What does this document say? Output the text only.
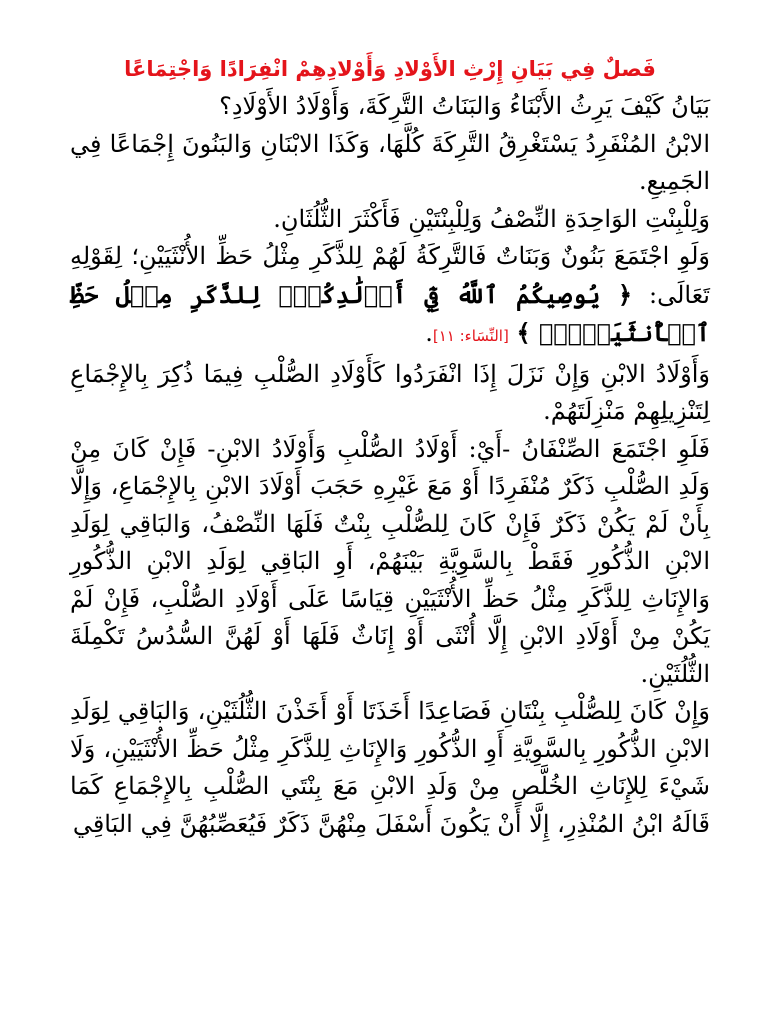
فَصلٌ فِي بَيَانِ إِرْثِ الأَوْلادِ وَأَوْلادِهِمْ انْفِرَادًا وَاجْتِمَاعًا

بَيَانُ كَيْفَ يَرِثُ الأَبْنَاءُ وَالبَنَاتُ التَّرِكَةَ، وَأَوْلَادُ الأَوْلَادِ؟

الابْنُ المُنْفَرِدُ يَسْتَغْرِقُ التَّرِكَةَ كُلَّهَا، وَكَذَا الابْنَانِ وَالبَنُونَ إِجْمَاعًا فِي الجَمِيعِ.

وَلِلْبِنْتِ الوَاحِدَةِ النِّصْفُ وَلِلْبِنْتَيْنِ فَأَكْثَرَ الثُّلُثَانِ.

وَلَوِ اجْتَمَعَ بَنُونٌ وَبَنَاتٌ فَالتَّرِكَةُ لَهُمْ لِلذَّكَرِ مِثْلُ حَظِّ الأُنْثَيَيْنِ؛ لِقَوْلِهِ تَعَالَى: ﴿ يُوصِيكُمُ ٱللَّهُ فِيٓ أَوۡلَٰدِكُمۡۖ لِلذَّكَرِ مِثۡلُ حَظِّ ٱلۡأُنثَيَيۡنِۚ ﴾ [النِّسَاء: ١١].

وَأَوْلَادُ الابْنِ وَإِنْ نَزَلَ إِذَا انْفَرَدُوا كَأَوْلَادِ الصُّلْبِ فِيمَا ذُكِرَ بِالإِجْمَاعِ لِتَنْزِيلِهِمْ مَنْزِلَتَهُمْ.

فَلَوِ اجْتَمَعَ الصِّنْفَانُ -أَيْ: أَوْلَادُ الصُّلْبِ وَأَوْلَادُ الابْنِ- فَإِنْ كَانَ مِنْ وَلَدِ الصُّلْبِ ذَكَرٌ مُنْفَرِدًا أَوْ مَعَ غَيْرِهِ حَجَبَ أَوْلَادَ الابْنِ بِالإِجْمَاعِ، وَإِلَّا بِأَنْ لَمْ يَكُنْ ذَكَرٌ فَإِنْ كَانَ لِلصُّلْبِ بِنْتٌ فَلَهَا النِّصْفُ، وَالبَاقِي لِوَلَدِ الابْنِ الذُّكُورِ فَقَطْ بِالسَّوِيَّةِ بَيْنَهُمْ، أَوِ البَاقِي لِوَلَدِ الابْنِ الذُّكُورِ وَالإِنَاثِ لِلذَّكَرِ مِثْلُ حَظِّ الأُنْثَيَيْنِ قِيَاسًا عَلَى أَوْلَادِ الصُّلْبِ، فَإِنْ لَمْ يَكُنْ مِنْ أَوْلَادِ الابْنِ إِلَّا أُنْثَى أَوْ إِنَاثٌ فَلَهَا أَوْ لَهُنَّ السُّدُسُ تَكْمِلَةَ الثُّلُثَيْنِ.

وَإِنْ كَانَ لِلصُّلْبِ بِنْتَانِ فَصَاعِدًا أَخَذَتَا أَوْ أَخَذْنَ الثُّلُثَيْنِ، وَالبَاقِي لِوَلَدِ الابْنِ الذُّكُورِ بِالسَّوِيَّةِ أَوِ الذُّكُورِ وَالإِنَاثِ لِلذَّكَرِ مِثْلُ حَظِّ الأُنْثَيَيْنِ، وَلَا شَيْءَ لِلإِنَاثِ الخُلَّصِ مِنْ وَلَدِ الابْنِ مَعَ بِنْتَي الصُّلْبِ بِالإِجْمَاعِ كَمَا قَالَهُ ابْنُ المُنْذِرِ، إِلَّا أَنْ يَكُونَ أَسْفَلَ مِنْهُنَّ ذَكَرٌ فَيُعَصِّبُهُنَّ فِي البَاقِي
